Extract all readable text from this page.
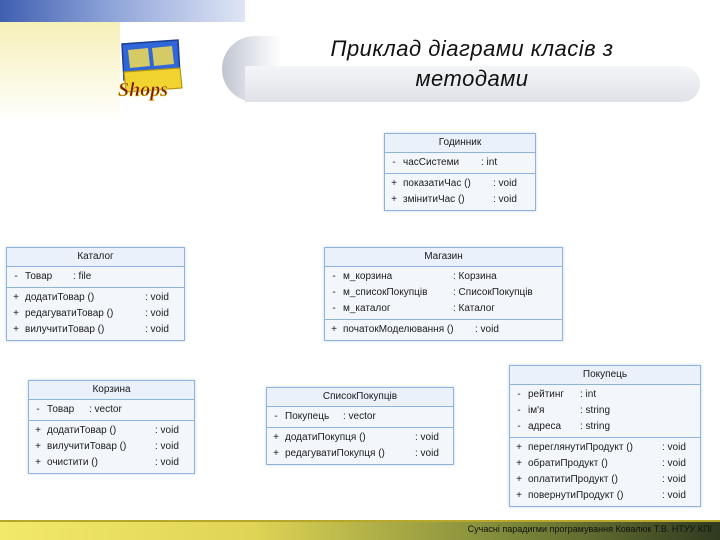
Shops
Приклад діаграми класів з
методами
Годинник
- часСистеми : int
+ показатиЧас () : void
+ змінитиЧас ()	: void
Каталог
- Товар : file
+ додатиТовар ()	: void
+ редагуватиТовар ()	: void
+ вилучитиТовар ()	: void
Магазин
- м_корзина	: Корзина
- м_списокПокупців	: СписокПокупців
- м_каталог	: Каталог
+ початокМоделювання () : void
Корзина
- Товар : vector
+ додатиТовар ()	: void
+ вилучитиТовар ()	: void
+ очистити ()	: void
СписокПокупців
- Покупець : vector
+ додатиПокупця ()	: void
+ редагуватиПокупця ()	: void
Покупець
- рейтинг : int
- ім'я	: string
- адреса : string
+ переглянутиПродукт ()	: void
+ обратиПродукт ()	: void
+ оплатитиПродукт ()	: void
+ повернутиПродукт ()	: void
Сучасні парадигми програмування Ковалюк Т.В. НТУУ КПІ
